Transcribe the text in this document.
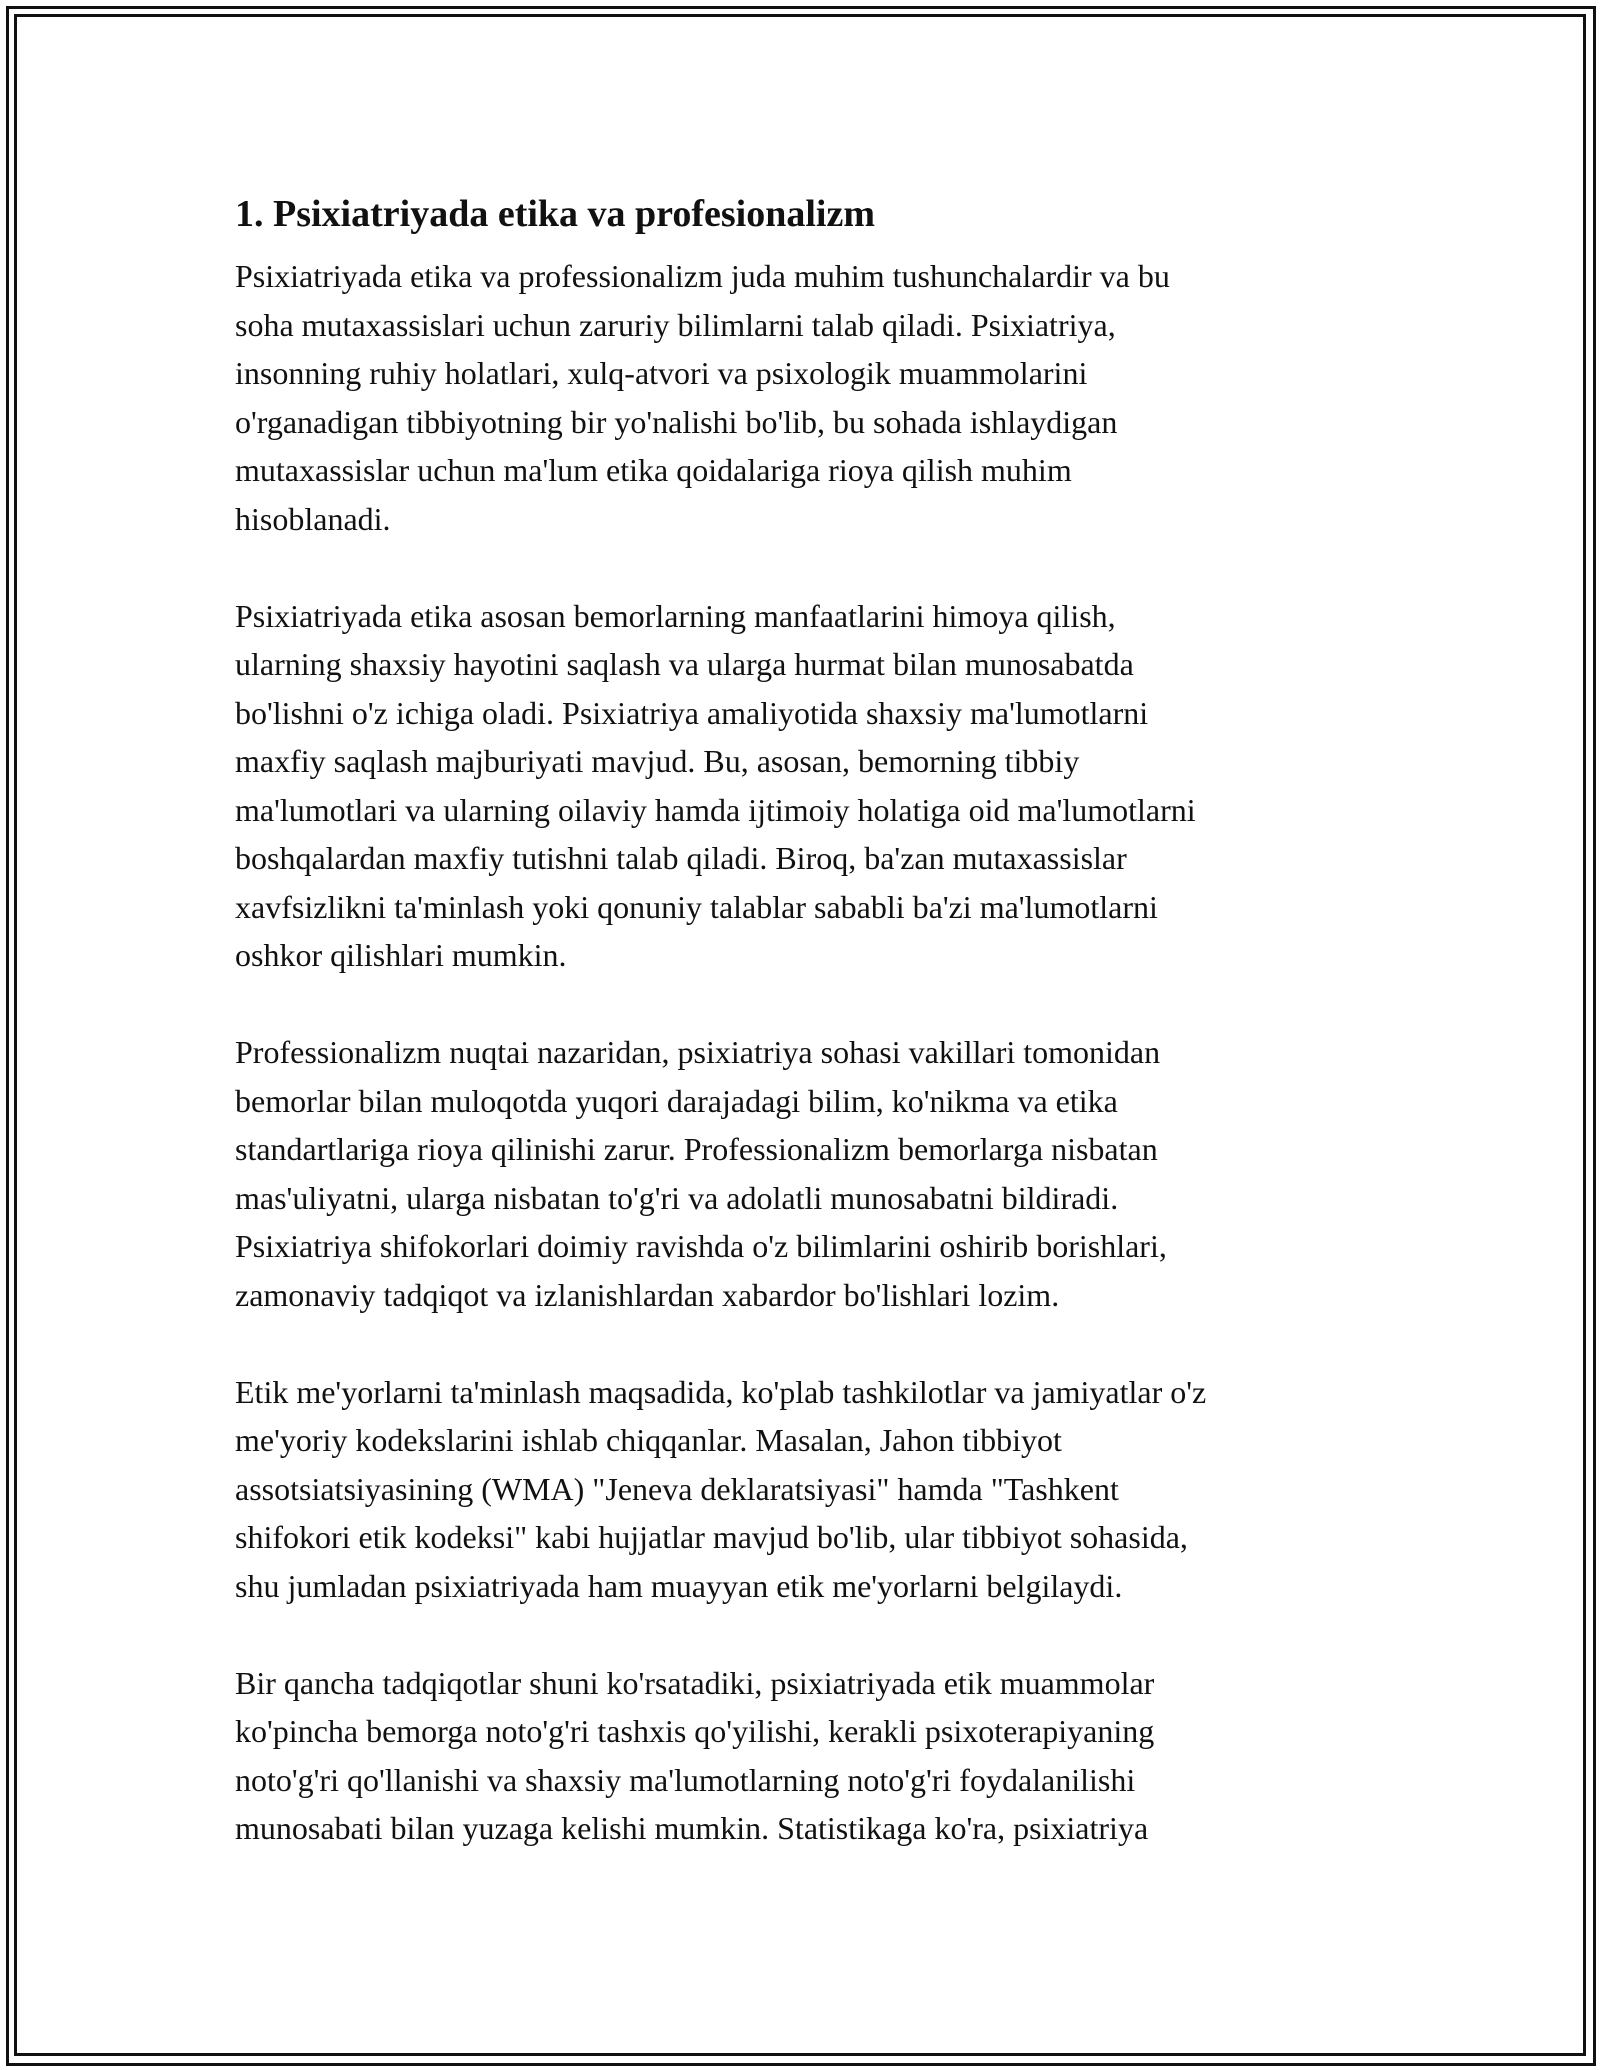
1. Psixiatriyada etika va profesionalizm

Psixiatriyada etika va professionalizm juda muhim tushunchalardir va bu
soha mutaxassislari uchun zaruriy bilimlarni talab qiladi. Psixiatriya,
insonning ruhiy holatlari, xulq-atvori va psixologik muammolarini
o'rganadigan tibbiyotning bir yo'nalishi bo'lib, bu sohada ishlaydigan
mutaxassislar uchun ma'lum etika qoidalariga rioya qilish muhim
hisoblanadi.

Psixiatriyada etika asosan bemorlarning manfaatlarini himoya qilish,
ularning shaxsiy hayotini saqlash va ularga hurmat bilan munosabatda
bo'lishni o'z ichiga oladi. Psixiatriya amaliyotida shaxsiy ma'lumotlarni
maxfiy saqlash majburiyati mavjud. Bu, asosan, bemorning tibbiy
ma'lumotlari va ularning oilaviy hamda ijtimoiy holatiga oid ma'lumotlarni
boshqalardan maxfiy tutishni talab qiladi. Biroq, ba'zan mutaxassislar
xavfsizlikni ta'minlash yoki qonuniy talablar sababli ba'zi ma'lumotlarni
oshkor qilishlari mumkin.

Professionalizm nuqtai nazaridan, psixiatriya sohasi vakillari tomonidan
bemorlar bilan muloqotda yuqori darajadagi bilim, ko'nikma va etika
standartlariga rioya qilinishi zarur. Professionalizm bemorlarga nisbatan
mas'uliyatni, ularga nisbatan to'g'ri va adolatli munosabatni bildiradi.
Psixiatriya shifokorlari doimiy ravishda o'z bilimlarini oshirib borishlari,
zamonaviy tadqiqot va izlanishlardan xabardor bo'lishlari lozim.

Etik me'yorlarni ta'minlash maqsadida, ko'plab tashkilotlar va jamiyatlar o'z
me'yoriy kodekslarini ishlab chiqqanlar. Masalan, Jahon tibbiyot
assotsiatsiyasining (WMA) "Jeneva deklaratsiyasi" hamda "Tashkent
shifokori etik kodeksi" kabi hujjatlar mavjud bo'lib, ular tibbiyot sohasida,
shu jumladan psixiatriyada ham muayyan etik me'yorlarni belgilaydi.

Bir qancha tadqiqotlar shuni ko'rsatadiki, psixiatriyada etik muammolar
ko'pincha bemorga noto'g'ri tashxis qo'yilishi, kerakli psixoterapiyaning
noto'g'ri qo'llanishi va shaxsiy ma'lumotlarning noto'g'ri foydalanilishi
munosabati bilan yuzaga kelishi mumkin. Statistikaga ko'ra, psixiatriya
